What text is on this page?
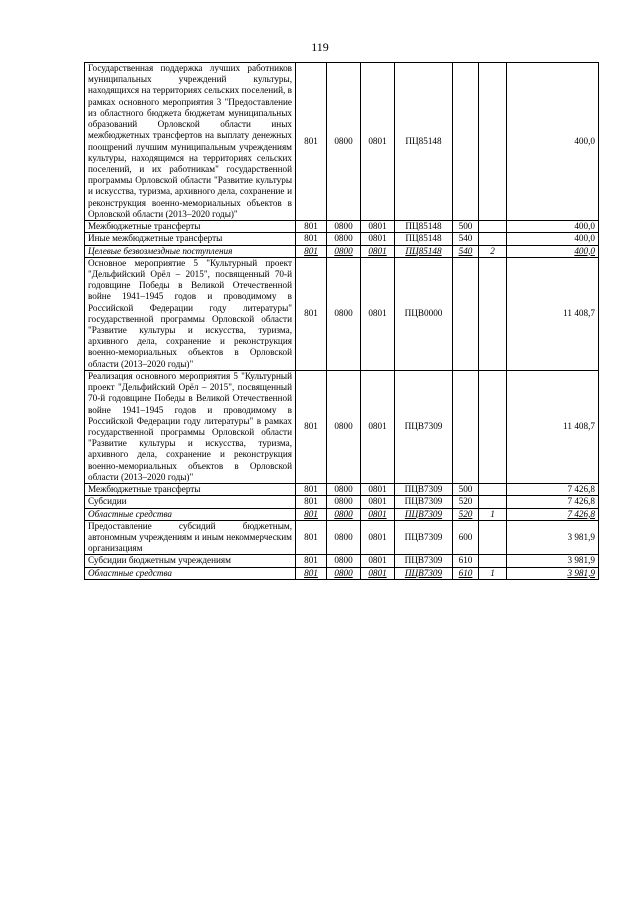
119
Государственная поддержка лучших работников муниципальных учреждений культуры, находящихся на территориях сельских поселений, в рамках основного мероприятия 3 "Предоставление из областного бюджета бюджетам муниципальных образований Орловской области иных межбюджетных трансфертов на выплату денежных поощрений лучшим муниципальным учреждениям культуры, находящимся на территориях сельских поселений, и их работникам" государственной программы Орловской области "Развитие культуры и искусства, туризма, архивного дела, сохранение и реконструкция военно-мемориальных объектов в Орловской области (2013–2020 годы)"	801	0800	0801	ПЦ85148			400,0
Межбюджетные трансферты	801	0800	0801	ПЦ85148	500		400,0
Иные межбюджетные трансферты	801	0800	0801	ПЦ85148	540		400,0
Целевые безвозмездные поступления	801	0800	0801	ПЦ85148	540	2	400,0
Основное мероприятие 5 "Культурный проект "Дельфийский Орёл – 2015", посвященный 70-й годовщине Победы в Великой Отечественной войне 1941–1945 годов и проводимому в Российской Федерации году литературы" государственной программы Орловской области "Развитие культуры и искусства, туризма, архивного дела, сохранение и реконструкция военно-мемориальных объектов в Орловской области (2013–2020 годы)"	801	0800	0801	ПЦВ0000			11 408,7
Реализация основного мероприятия 5 "Культурный проект "Дельфийский Орёл – 2015", посвященный 70-й годовщине Победы в Великой Отечественной войне 1941–1945 годов и проводимому в Российской Федерации году литературы" в рамках государственной программы Орловской области "Развитие культуры и искусства, туризма, архивного дела, сохранение и реконструкция военно-мемориальных объектов в Орловской области (2013–2020 годы)"	801	0800	0801	ПЦВ7309			11 408,7
Межбюджетные трансферты	801	0800	0801	ПЦВ7309	500		7 426,8
Субсидии	801	0800	0801	ПЦВ7309	520		7 426,8
Областные средства	801	0800	0801	ПЦВ7309	520	1	7 426,8
Предоставление субсидий бюджетным, автономным учреждениям и иным некоммерческим организациям	801	0800	0801	ПЦВ7309	600		3 981,9
Субсидии бюджетным учреждениям	801	0800	0801	ПЦВ7309	610		3 981,9
Областные средства	801	0800	0801	ПЦВ7309	610	1	3 981,9
